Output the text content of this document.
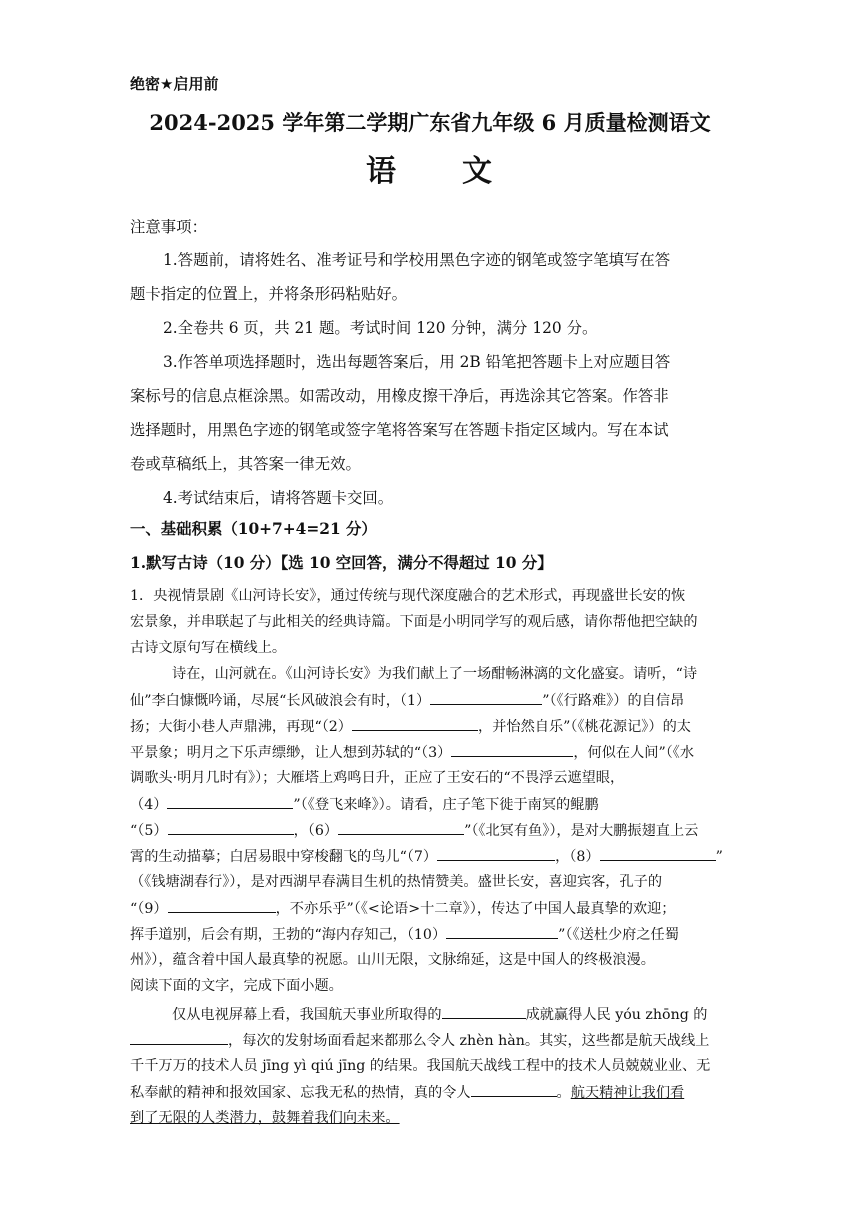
绝密★启用前
2024-2025 学年第二学期广东省九年级 6 月质量检测语文
语　　文
注意事项：
1.答题前，请将姓名、准考证号和学校用黑色字迹的钢笔或签字笔填写在答
题卡指定的位置上，并将条形码粘贴好。
2.全卷共 6 页，共 21 题。考试时间 120 分钟，满分 120 分。
3.作答单项选择题时，选出每题答案后，用 2B 铅笔把答题卡上对应题目答
案标号的信息点框涂黑。如需改动，用橡皮擦干净后，再选涂其它答案。作答非
选择题时，用黑色字迹的钢笔或签字笔将答案写在答题卡指定区域内。写在本试
卷或草稿纸上，其答案一律无效。
4.考试结束后，请将答题卡交回。
一、基础积累（10+7+4=21 分）
1.默写古诗（10 分）【选 10 空回答，满分不得超过 10 分】
1．央视情景剧《山河诗长安》，通过传统与现代深度融合的艺术形式，再现盛世长安的恢
宏景象，并串联起了与此相关的经典诗篇。下面是小明同学写的观后感，请你帮他把空缺的
古诗文原句写在横线上。
诗在，山河就在。《山河诗长安》为我们献上了一场酣畅淋漓的文化盛宴。请听，“诗
仙”李白慷慨吟诵，尽展“长风破浪会有时，（1）	”（《行路难》）的自信昂
扬；大街小巷人声鼎沸，再现“（2）	，并怡然自乐”（《桃花源记》）的太
平景象；明月之下乐声缥缈，让人想到苏轼的“（3）	，何似在人间”（《水
调歌头·明月几时有》）；大雁塔上鸡鸣日升，正应了王安石的“不畏浮云遮望眼，
（4）	”（《登飞来峰》）。请看，庄子笔下徙于南冥的鲲鹏
“（5）	，（6）	”（《北冥有鱼》），是对大鹏振翅直上云
霄的生动描摹；白居易眼中穿梭翻飞的鸟儿“（7）	，（8）	”
（《钱塘湖春行》），是对西湖早春满目生机的热情赞美。盛世长安，喜迎宾客，孔子的
“（9）	，不亦乐乎”（《<论语>十二章》），传达了中国人最真挚的欢迎；
挥手道别，后会有期，王勃的“海内存知己，（10）	”（《送杜少府之任蜀
州》），蕴含着中国人最真挚的祝愿。山川无限，文脉绵延，这是中国人的终极浪漫。
阅读下面的文字，完成下面小题。
仅从电视屏幕上看，我国航天事业所取得的	成就赢得人民 yóu zhōng 的
，每次的发射场面看起来都那么令人 zhèn hàn。其实，这些都是航天战线上
千千万万的技术人员 jīng yì qiú jīng 的结果。我国航天战线工程中的技术人员兢兢业业、无
私奉献的精神和报效国家、忘我无私的热情，真的令人	。航天精神让我们看
到了无限的人类潜力，鼓舞着我们向未来。
